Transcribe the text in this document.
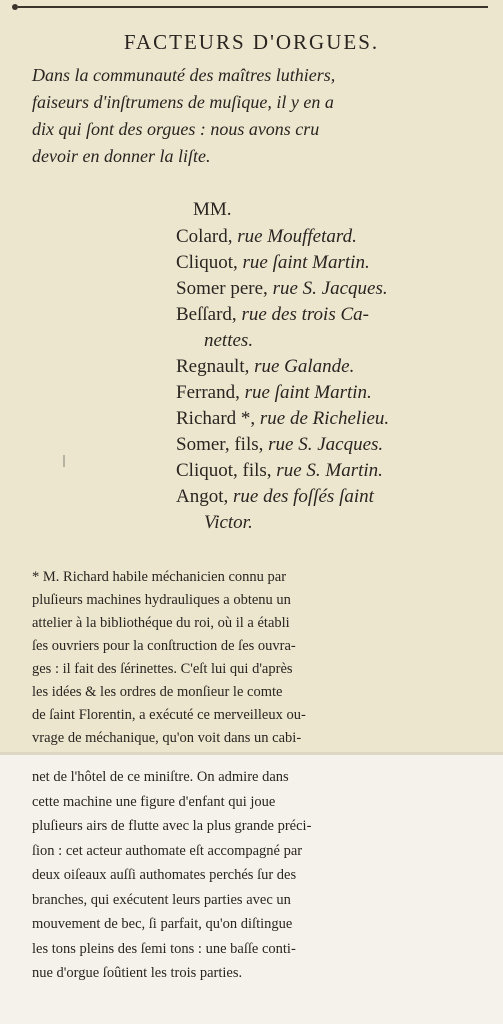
FACTEURS D'ORGUES.

Dans la communauté des maîtres luthiers,
faiseurs d'inſtrumens de muſique, il y en a
dix qui ſont des orgues : nous avons cru
devoir en donner la liſte.

MM.
Colard, rue Mouffetard.
Cliquot, rue ſaint Martin.
Somer pere, rue S. Jacques.
Beſſard, rue des trois Ca-
nettes.
Regnault, rue Galande.
Ferrand, rue ſaint Martin.
Richard *, rue de Richelieu.
Somer, fils, rue S. Jacques.
Cliquot, fils, rue S. Martin.
Angot, rue des foſſés ſaint
Victor.
* M. Richard habile méchanicien connu par
pluſieurs machines hydrauliques a obtenu un
attelier à la bibliothéque du roi, où il a établi
ſes ouvriers pour la conſtruction de ſes ouvra-
ges : il fait des ſérinettes. C'eſt lui qui d'après
les idées & les ordres de monſieur le comte
de ſaint Florentin, a exécuté ce merveilleux ou-
vrage de méchanique, qu'on voit dans un cabi-
net de l'hôtel de ce miniſtre. On admire dans
cette machine une figure d'enfant qui joue
pluſieurs airs de flutte avec la plus grande préci-
ſion : cet acteur authomate eſt accompagné par
deux oiſeaux auſſi authomates perchés ſur des
branches, qui exécutent leurs parties avec un
mouvement de bec, ſi parfait, qu'on diſtingue
les tons pleins des ſemi tons : une baſſe conti-
nue d'orgue ſoûtient les trois parties.
